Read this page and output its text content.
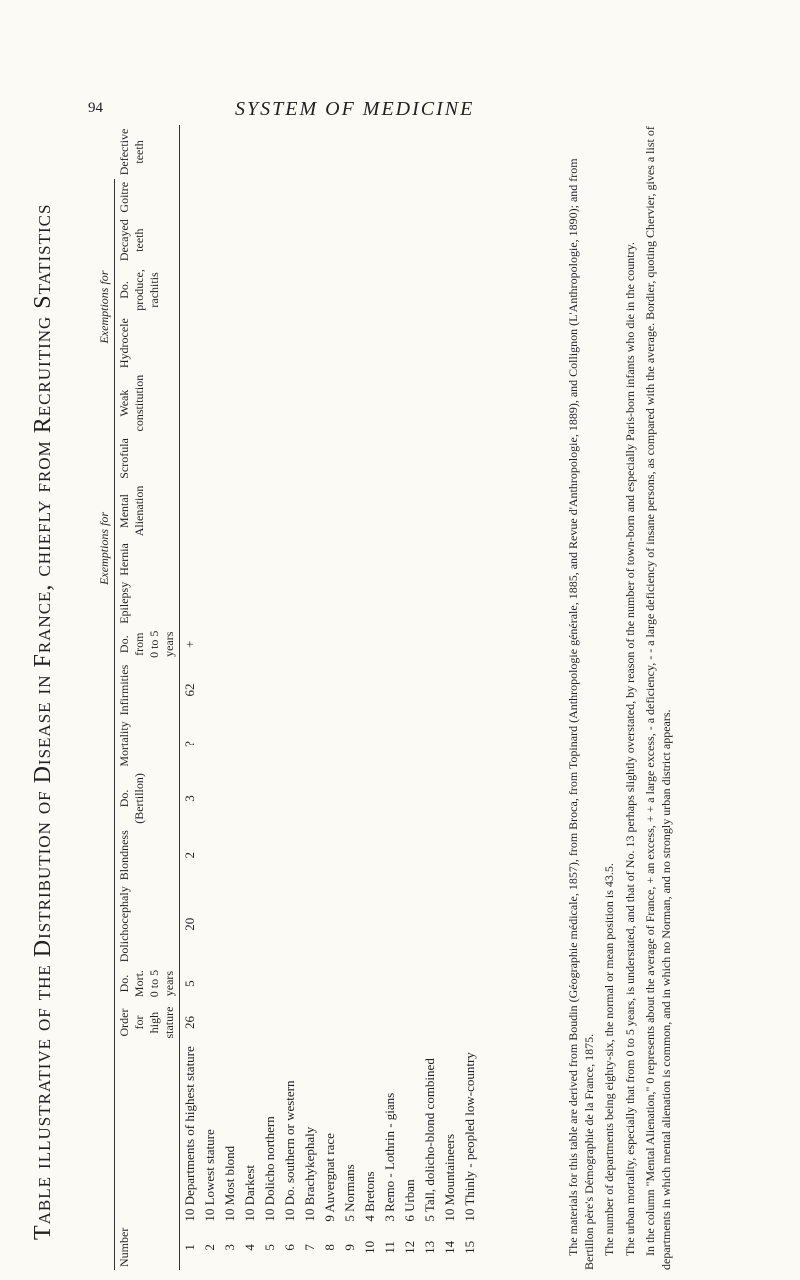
Table illustrative of the Distribution of Disease in France, chiefly from Recruiting Statistics
94	SYSTEM OF MEDICINE
									Exemptions for					Exemptions for					
Number		Order for high stature	Do. Mort. 0 to 5 years	Dolichocephaly	Blondness	Do. (Bertillon)	Mortality	Infirmities	Do. from 0 to 5 years	Epilepsy	Hernia	Mental Alienation	Scrofula	Weak constitution	Hydrocele	Do. produce, rachitis	Decayed teeth	Goitre	Defective teeth
1	10 Departments of highest stature	26	5	20	2	3	?	62	+										
2	10 Lowest stature																		
3	10 Most blond																		
4	10 Darkest																		
5	10 Dolicho northern																		
6	10 Do. southern or western																		
7	10 Brachykephaly																		
8	9 Auvergnat race																		
9	5 Normans																		
10	4 Bretons																		
11	3 Remo - Lothrin - gians																		
12	6 Urban																		
13	5 Tall, dolicho-blond combined																		
14	10 Mountaineers																		
15	10 Thinly - peopled low-country																			The materials for this table are derived from Boudin (Géographie médicale, 1857), from Broca, from Topinard (Anthropologie générale, 1885, and Revue d'Anthropologie, 1889), and Collignon (L'Anthropologie, 1890); and from Bertillon père's Démographie de la France, 1875. The number of departments being eighty-six, the normal or mean position is 43.5. The urban mortality, especially that from 0 to 5 years, is understated, and that of No. 13 perhaps slightly overstated, by reason of the number of town-born and especially Paris-born infants who die in the country. In the column "Mental Alienation," 0 represents about the average of France, + an excess, + + a large excess, - a deficiency, - - a large deficiency of insane persons, as compared with the average. Bordier, quoting Chervier, gives a list of departments in which mental alienation is common, and in which no Norman, and no strongly urban district appears.
